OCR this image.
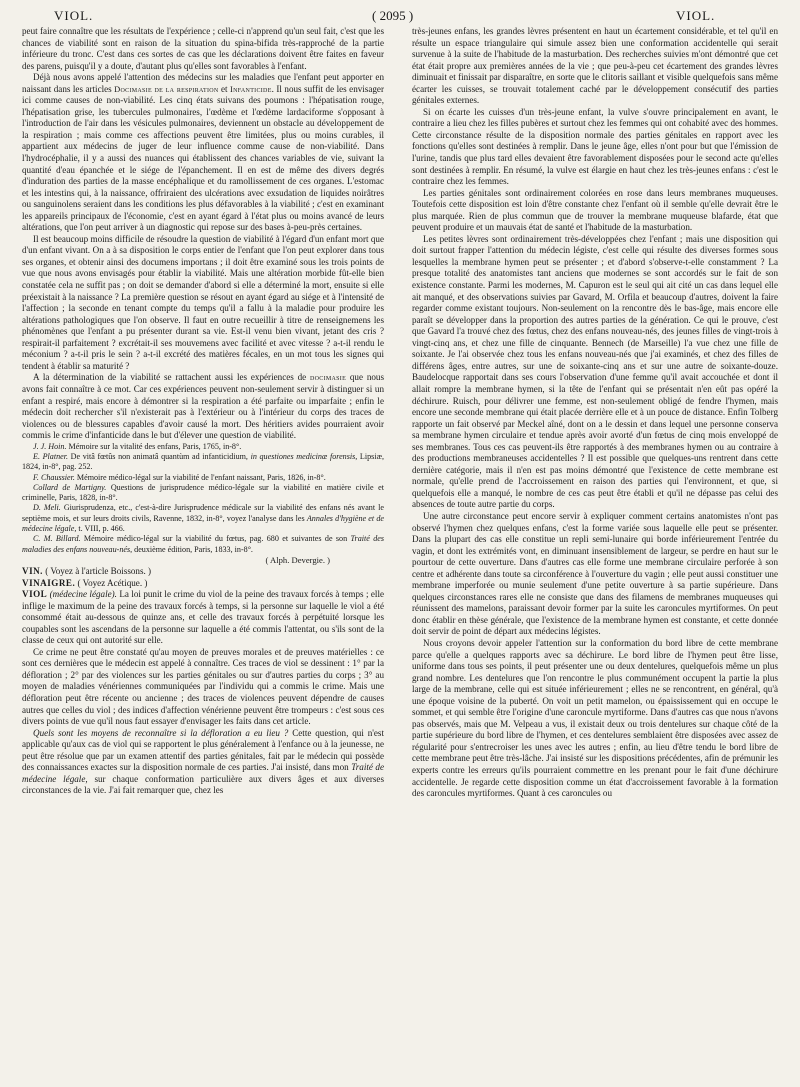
VIOL.	( 2095 )	VIOL.

peut faire connaître que les résultats de l'expérience ; celle-ci n'apprend qu'un seul fait, c'est que les chances de viabilité sont en raison de la situation du spina-bifida très-rapproché de la partie inférieure du tronc. C'est dans ces sortes de cas que les déclarations doivent être faites en faveur des parens, puisqu'il y a doute, d'autant plus qu'elles sont favorables à l'enfant.

Déjà nous avons appelé l'attention des médecins sur les maladies que l'enfant peut apporter en naissant dans les articles Docimasie de la respiration et Infanticide. Il nous suffit de les envisager ici comme causes de non-viabilité. Les cinq états suivans des poumons : l'hépatisation rouge, l'hépatisation grise, les tubercules pulmonaires, l'œdème et l'œdème lardaciforme s'opposant à l'introduction de l'air dans les vésicules pulmonaires, deviennent un obstacle au développement de la respiration ; mais comme ces affections peuvent être limitées, plus ou moins curables, il appartient aux médecins de juger de leur influence comme cause de non-viabilité. Dans l'hydrocéphalie, il y a aussi des nuances qui établissent des chances variables de vie, suivant la quantité d'eau épanchée et le siége de l'épanchement. Il en est de même des divers degrés d'induration des parties de la masse encéphalique et du ramollissement de ces organes. L'estomac et les intestins qui, à la naissance, offriraient des ulcérations avec exsudation de liquides noirâtres ou sanguinolens seraient dans les conditions les plus défavorables à la viabilité ; c'est en examinant les appareils principaux de l'économie, c'est en ayant égard à l'état plus ou moins avancé de leurs altérations, que l'on peut arriver à un diagnostic qui repose sur des bases à-peu-près certaines.

Il est beaucoup moins difficile de résoudre la question de viabilité à l'égard d'un enfant mort que d'un enfant vivant. On a à sa disposition le corps entier de l'enfant que l'on peut explorer dans tous ses organes, et obtenir ainsi des documens importans ; il doit être examiné sous les trois points de vue que nous avons envisagés pour établir la viabilité. Mais une altération morbide fût-elle bien constatée cela ne suffit pas ; on doit se demander d'abord si elle a déterminé la mort, ensuite si elle préexistait à la naissance ? La première question se résout en ayant égard au siége et à l'intensité de l'affection ; la seconde en tenant compte du temps qu'il a fallu à la maladie pour produire les altérations pathologiques que l'on observe. Il faut en outre recueillir à titre de renseignemens les phénomènes que l'enfant a pu présenter durant sa vie. Est-il venu bien vivant, jetant des cris ? respirait-il parfaitement ? excrétait-il ses mouvemens avec facilité et avec vitesse ? a-t-il rendu le méconium ? a-t-il pris le sein ? a-t-il excrété des matières fécales, en un mot tous les signes qui tendent à établir sa maturité ?

A la détermination de la viabilité se rattachent aussi les expériences de docimasie que nous avons fait connaître à ce mot. Car ces expériences peuvent non-seulement servir à distinguer si un enfant a respiré, mais encore à démontrer si la respiration a été parfaite ou imparfaite ; enfin le médecin doit rechercher s'il n'existerait pas à l'extérieur ou à l'intérieur du corps des traces de violences ou de blessures capables d'avoir causé la mort. Des héritiers avides pourraient avoir commis le crime d'infanticide dans le but d'élever une question de viabilité.

J. J. Hoin. Mémoire sur la vitalité des enfans, Paris, 1765, in-8°.

E. Platner. De vitâ fœtûs non animatâ quantùm ad infanticidium, in questiones medicinæ forensis, Lipsiæ, 1824, in-8°, pag. 252.

F. Chaussier. Mémoire médico-légal sur la viabilité de l'enfant naissant, Paris, 1826, in-8°.

Collard de Martigny. Questions de jurisprudence médico-légale sur la viabilité en matière civile et criminelle, Paris, 1828, in-8°.

D. Meli. Giurisprudenza, etc., c'est-à-dire Jurisprudence médicale sur la viabilité des enfans nés avant le septième mois, et sur leurs droits civils, Ravenne, 1832, in-8°, voyez l'analyse dans les Annales d'hygiène et de médecine légale, t. VIII, p. 466.

C. M. Billard. Mémoire médico-légal sur la viabilité du fœtus, pag. 680 et suivantes de son Traité des maladies des enfans nouveau-nés, deuxième édition, Paris, 1833, in-8°.

( Alph. Devergie. )

VIN. ( Voyez à l'article Boissons. )

VINAIGRE. ( Voyez Acétique. )

VIOL (médecine légale). La loi punit le crime du viol de la peine des travaux forcés à temps ; elle inflige le maximum de la peine des travaux forcés à temps, si la personne sur laquelle le viol a été consommé était au-dessous de quinze ans, et celle des travaux forcés à perpétuité lorsque les coupables sont les ascendans de la personne sur laquelle a été commis l'attentat, ou s'ils sont de la classe de ceux qui ont autorité sur elle.

Ce crime ne peut être constaté qu'au moyen de preuves morales et de preuves matérielles : ce sont ces dernières que le médecin est appelé à connaître. Ces traces de viol se dessinent : 1° par la défloration ; 2° par des violences sur les parties génitales ou sur d'autres parties du corps ; 3° au moyen de maladies vénériennes communiquées par l'individu qui a commis le crime. Mais une défloration peut être récente ou ancienne ; des traces de violences peuvent dépendre de causes autres que celles du viol ; des indices d'affection vénérienne peuvent être trompeurs : c'est sous ces divers points de vue qu'il nous faut essayer d'envisager les faits dans cet article.

Quels sont les moyens de reconnaître si la défloration a eu lieu ? Cette question, qui n'est applicable qu'aux cas de viol qui se rapportent le plus généralement à l'enfance ou à la jeunesse, ne peut être résolue que par un examen attentif des parties génitales, fait par le médecin qui possède des connaissances exactes sur la disposition normale de ces parties. J'ai insisté, dans mon Traité de médecine légale, sur chaque conformation particulière aux divers âges et aux diverses circonstances de la vie. J'ai fait remarquer que, chez les

très-jeunes enfans, les grandes lèvres présentent en haut un écartement considérable, et tel qu'il en résulte un espace triangulaire qui simule assez bien une conformation accidentelle qui serait survenue à la suite de l'habitude de la masturbation. Des recherches suivies m'ont démontré que cet état était propre aux premières années de la vie ; que peu-à-peu cet écartement des grandes lèvres diminuait et finissait par disparaître, en sorte que le clitoris saillant et visible quelquefois sans même écarter les cuisses, se trouvait totalement caché par le développement consécutif des parties génitales externes.

Si on écarte les cuisses d'un très-jeune enfant, la vulve s'ouvre principalement en avant, le contraire a lieu chez les filles pubères et surtout chez les femmes qui ont cohabité avec des hommes. Cette circonstance résulte de la disposition normale des parties génitales en rapport avec les fonctions qu'elles sont destinées à remplir. Dans le jeune âge, elles n'ont pour but que l'émission de l'urine, tandis que plus tard elles devaient être favorablement disposées pour le second acte qu'elles sont destinées à remplir. En résumé, la vulve est élargie en haut chez les très-jeunes enfans : c'est le contraire chez les femmes.

Les parties génitales sont ordinairement colorées en rose dans leurs membranes muqueuses. Toutefois cette disposition est loin d'être constante chez l'enfant où il semble qu'elle devrait être le plus marquée. Rien de plus commun que de trouver la membrane muqueuse blafarde, état que peuvent produire et un mauvais état de santé et l'habitude de la masturbation.

Les petites lèvres sont ordinairement très-développées chez l'enfant ; mais une disposition qui doit surtout frapper l'attention du médecin légiste, c'est celle qui résulte des diverses formes sous lesquelles la membrane hymen peut se présenter ; et d'abord s'observe-t-elle constamment ? La presque totalité des anatomistes tant anciens que modernes se sont accordés sur le fait de son existence constante. Parmi les modernes, M. Capuron est le seul qui ait cité un cas dans lequel elle ait manqué, et des observations suivies par Gavard, M. Orfila et beaucoup d'autres, doivent la faire regarder comme existant toujours. Non-seulement on la rencontre dès le bas-âge, mais encore elle paraît se développer dans la proportion des autres parties de la génération. Ce qui le prouve, c'est que Gavard l'a trouvé chez des fœtus, chez des enfans nouveau-nés, des jeunes filles de vingt-trois à vingt-cinq ans, et chez une fille de cinquante. Bennech (de Marseille) l'a vue chez une fille de soixante. Je l'ai observée chez tous les enfans nouveau-nés que j'ai examinés, et chez des filles de différens âges, entre autres, sur une de soixante-cinq ans et sur une autre de soixante-douze. Baudelocque rapportait dans ses cours l'observation d'une femme qu'il avait accouchée et dont il allait rompre la membrane hymen, si la tête de l'enfant qui se présentait n'en eût pas opéré la déchirure. Ruisch, pour délivrer une femme, est non-seulement obligé de fendre l'hymen, mais encore une seconde membrane qui était placée derrière elle et à un pouce de distance. Enfin Tolberg rapporte un fait observé par Meckel aîné, dont on a le dessin et dans lequel une personne conserva sa membrane hymen circulaire et tendue après avoir avorté d'un fœtus de cinq mois enveloppé de ses membranes. Tous ces cas peuvent-ils être rapportés à des membranes hymen ou au contraire à des productions membraneuses accidentelles ? Il est possible que quelques-uns rentrent dans cette dernière catégorie, mais il n'en est pas moins démontré que l'existence de cette membrane est normale, qu'elle prend de l'accroissement en raison des parties qui l'environnent, et que, si quelquefois elle a manqué, le nombre de ces cas peut être établi et qu'il ne dépasse pas celui des absences de toute autre partie du corps.

Une autre circonstance peut encore servir à expliquer comment certains anatomistes n'ont pas observé l'hymen chez quelques enfans, c'est la forme variée sous laquelle elle peut se présenter. Dans la plupart des cas elle constitue un repli semi-lunaire qui borde inférieurement l'entrée du vagin, et dont les extrémités vont, en diminuant insensiblement de largeur, se perdre en haut sur le pourtour de cette ouverture. Dans d'autres cas elle forme une membrane circulaire perforée à son centre et adhérente dans toute sa circonférence à l'ouverture du vagin ; elle peut aussi constituer une membrane imperforée ou munie seulement d'une petite ouverture à sa partie supérieure. Dans quelques circonstances rares elle ne consiste que dans des filamens de membranes muqueuses qui réunissent des mamelons, paraissant devoir former par la suite les caroncules myrtiformes. On peut donc établir en thèse générale, que l'existence de la membrane hymen est constante, et cette donnée doit servir de point de départ aux médecins légistes.

Nous croyons devoir appeler l'attention sur la conformation du bord libre de cette membrane parce qu'elle a quelques rapports avec sa déchirure. Le bord libre de l'hymen peut être lisse, uniforme dans tous ses points, il peut présenter une ou deux dentelures, quelquefois même un plus grand nombre. Les dentelures que l'on rencontre le plus communément occupent la partie la plus large de la membrane, celle qui est située inférieurement ; elles ne se rencontrent, en général, qu'à une époque voisine de la puberté. On voit un petit mamelon, ou épaississement qui en occupe le sommet, et qui semble être l'origine d'une caroncule myrtiforme. Dans d'autres cas que nous n'avons pas observés, mais que M. Velpeau a vus, il existait deux ou trois dentelures sur chaque côté de la partie supérieure du bord libre de l'hymen, et ces dentelures semblaient être disposées avec assez de régularité pour s'entrecroiser les unes avec les autres ; enfin, au lieu d'être tendu le bord libre de cette membrane peut être très-lâche. J'ai insisté sur les dispositions précédentes, afin de prémunir les experts contre les erreurs qu'ils pourraient commettre en les prenant pour le fait d'une déchirure accidentelle. Je regarde cette disposition comme un état d'accroissement favorable à la formation des caroncules myrtiformes. Quant à ces caroncules ou
